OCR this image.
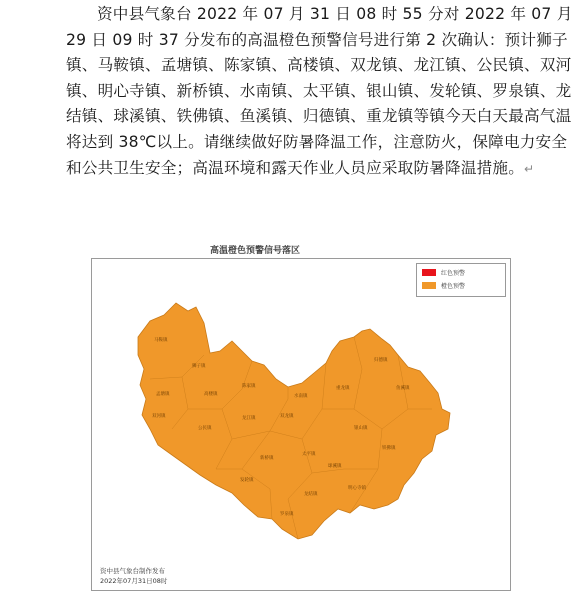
资中县气象台 2022 年 07 月 31 日 08 时 55 分对 2022 年 07 月 29 日 09 时 37 分发布的高温橙色预警信号进行第 2 次确认：预计狮子镇、马鞍镇、孟塘镇、陈家镇、高楼镇、双龙镇、龙江镇、公民镇、双河镇、明心寺镇、新桥镇、水南镇、太平镇、银山镇、发轮镇、罗泉镇、龙结镇、球溪镇、铁佛镇、鱼溪镇、归德镇、重龙镇等镇今天白天最高气温将达到 38℃以上。请继续做好防暑降温工作，注意防火，保障电力安全和公共卫生安全；高温环境和露天作业人员应采取防暑降温措施。↵

高温橙色预警信号落区
马鞍镇
狮子镇
孟塘镇
双河镇
高楼镇
陈家镇
公民镇
龙江镇	双龙镇
新桥镇
水南镇
重龙镇
归德镇
鱼溪镇
银山镇
太平镇
球溪镇
龙结镇
罗泉镇
发轮镇
铁佛镇
明心寺镇
红色预警
橙色预警
资中县气象台制作发布
2022年07月31日08时
